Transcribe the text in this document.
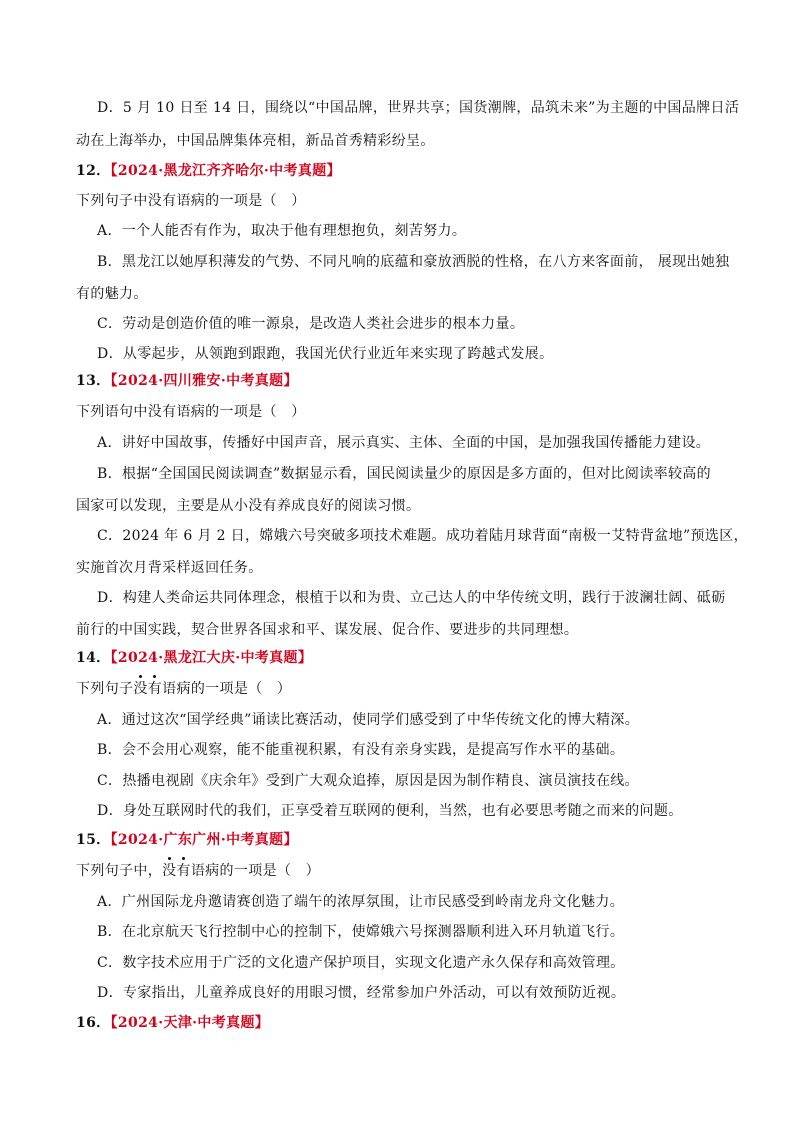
D．5 月 10 日至 14 日，围绕以“中国品牌，世界共享；国货潮牌，品筑未来”为主题的中国品牌日活
动在上海举办，中国品牌集体亮相，新品首秀精彩纷呈。
12．【2024·黑龙江齐齐哈尔·中考真题】
下列句子中没有语病的一项是（　）
A．一个人能否有作为，取决于他有理想抱负，刻苦努力。
B．黑龙江以她厚积薄发的气势、不同凡响的底蕴和豪放洒脱的性格，在八方来客面前， 展现出她独
有的魅力。
C．劳动是创造价值的唯一源泉，是改造人类社会进步的根本力量。
D．从零起步，从领跑到跟跑，我国光伏行业近年来实现了跨越式发展。
13．【2024·四川雅安·中考真题】
下列语句中没有语病的一项是（　）
A．讲好中国故事，传播好中国声音，展示真实、主体、全面的中国，是加强我国传播能力建设。
B．根据“全国国民阅读调查”数据显示看，国民阅读量少的原因是多方面的，但对比阅读率较高的
国家可以发现，主要是从小没有养成良好的阅读习惯。
C．2024 年 6 月 2 日，嫦娥六号突破多项技术难题。成功着陆月球背面“南极一艾特背盆地”预选区，
实施首次月背采样返回任务。
D．构建人类命运共同体理念，根植于以和为贵、立己达人的中华传统文明，践行于波澜壮阔、砥砺
前行的中国实践，契合世界各国求和平、谋发展、促合作、要进步的共同理想。
14．【2024·黑龙江大庆·中考真题】
下列句子没有语病的一项是（　）
A．通过这次“国学经典”诵读比赛活动，使同学们感受到了中华传统文化的博大精深。
B．会不会用心观察，能不能重视积累，有没有亲身实践，是提高写作水平的基础。
C．热播电视剧《庆余年》受到广大观众追捧，原因是因为制作精良、演员演技在线。
D．身处互联网时代的我们，正享受着互联网的便利，当然，也有必要思考随之而来的问题。
15．【2024·广东广州·中考真题】
下列句子中，没有语病的一项是（　）
A．广州国际龙舟邀请赛创造了端午的浓厚氛围，让市民感受到岭南龙舟文化魅力。
B．在北京航天飞行控制中心的控制下，使嫦娥六号探测器顺利进入环月轨道飞行。
C．数字技术应用于广泛的文化遗产保护项目，实现文化遗产永久保存和高效管理。
D．专家指出，儿童养成良好的用眼习惯，经常参加户外活动，可以有效预防近视。
16．【2024·天津·中考真题】
